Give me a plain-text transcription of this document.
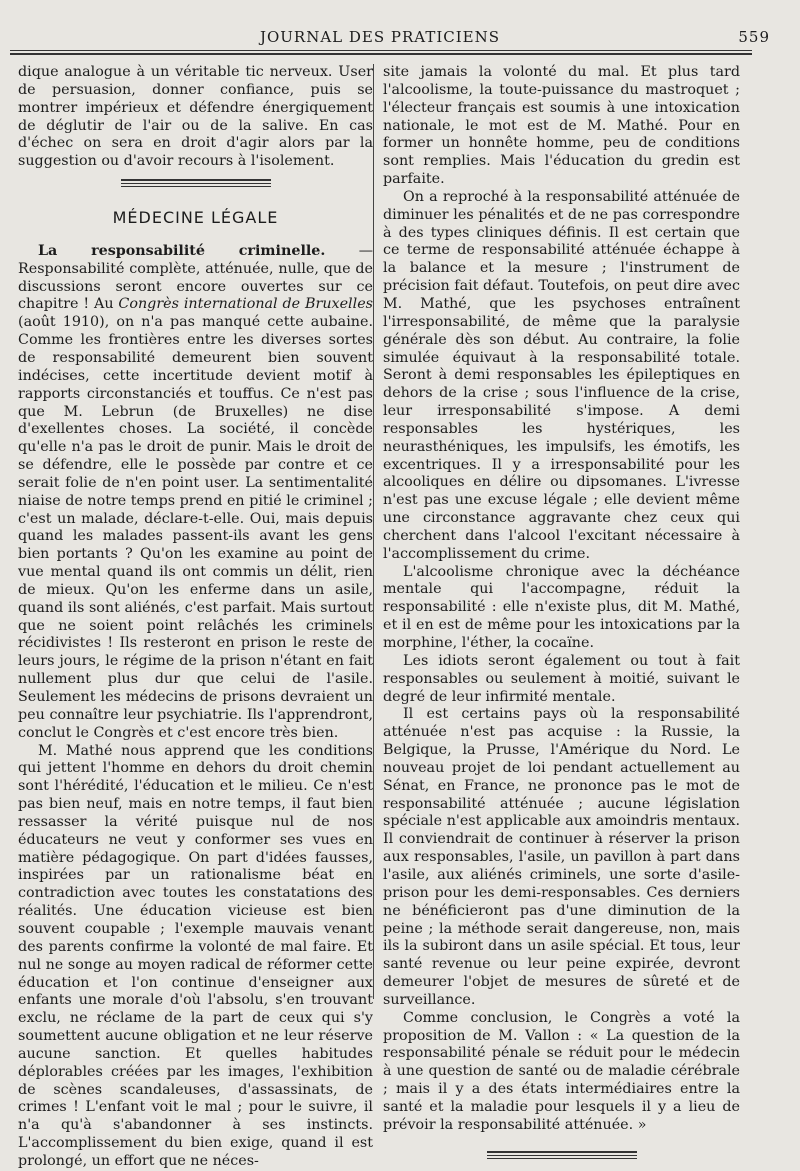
JOURNAL DES PRATICIENS	559

dique analogue à un véritable tic nerveux. User de persuasion, donner confiance, puis se montrer impérieux et défendre énergiquement de déglutir de l'air ou de la salive. En cas d'échec on sera en droit d'agir alors par la suggestion ou d'avoir recours à l'isolement.

MÉDECINE LÉGALE

La responsabilité criminelle. — Responsabilité complète, atténuée, nulle, que de discussions seront encore ouvertes sur ce chapitre ! Au Congrès international de Bruxelles (août 1910), on n'a pas manqué cette aubaine. Comme les frontières entre les diverses sortes de responsabilité demeurent bien souvent indécises, cette incertitude devient motif à rapports circonstanciés et touffus. Ce n'est pas que M. Lebrun (de Bruxelles) ne dise d'exellentes choses. La société, il concède qu'elle n'a pas le droit de punir. Mais le droit de se défendre, elle le possède par contre et ce serait folie de n'en point user. La sentimentalité niaise de notre temps prend en pitié le criminel ; c'est un malade, déclare-t-elle. Oui, mais depuis quand les malades passent-ils avant les gens bien portants ? Qu'on les examine au point de vue mental quand ils ont commis un délit, rien de mieux. Qu'on les enferme dans un asile, quand ils sont aliénés, c'est parfait. Mais surtout que ne soient point relâchés les criminels récidivistes ! Ils resteront en prison le reste de leurs jours, le régime de la prison n'étant en fait nullement plus dur que celui de l'asile. Seulement les médecins de prisons devraient un peu connaître leur psychiatrie. Ils l'apprendront, conclut le Congrès et c'est encore très bien.

M. Mathé nous apprend que les conditions qui jettent l'homme en dehors du droit chemin sont l'hérédité, l'éducation et le milieu. Ce n'est pas bien neuf, mais en notre temps, il faut bien ressasser la vérité puisque nul de nos éducateurs ne veut y conformer ses vues en matière pédagogique. On part d'idées fausses, inspirées par un rationalisme béat en contradiction avec toutes les constatations des réalités. Une éducation vicieuse est bien souvent coupable ; l'exemple mauvais venant des parents confirme la volonté de mal faire. Et nul ne songe au moyen radical de réformer cette éducation et l'on continue d'enseigner aux enfants une morale d'où l'absolu, s'en trouvant exclu, ne réclame de la part de ceux qui s'y soumettent aucune obligation et ne leur réserve aucune sanction. Et quelles habitudes déplorables créées par les images, l'exhibition de scènes scandaleuses, d'assassinats, de crimes ! L'enfant voit le mal ; pour le suivre, il n'a qu'à s'abandonner à ses instincts. L'accomplissement du bien exige, quand il est prolongé, un effort que ne néces-

site jamais la volonté du mal. Et plus tard l'alcoolisme, la toute-puissance du mastroquet ; l'électeur français est soumis à une intoxication nationale, le mot est de M. Mathé. Pour en former un honnête homme, peu de conditions sont remplies. Mais l'éducation du gredin est parfaite.

On a reproché à la responsabilité atténuée de diminuer les pénalités et de ne pas correspondre à des types cliniques définis. Il est certain que ce terme de responsabilité atténuée échappe à la balance et la mesure ; l'instrument de précision fait défaut. Toutefois, on peut dire avec M. Mathé, que les psychoses entraînent l'irresponsabilité, de même que la paralysie générale dès son début. Au contraire, la folie simulée équivaut à la responsabilité totale. Seront à demi responsables les épileptiques en dehors de la crise ; sous l'influence de la crise, leur irresponsabilité s'impose. A demi responsables les hystériques, les neurasthéniques, les impulsifs, les émotifs, les excentriques. Il y a irresponsabilité pour les alcooliques en délire ou dipsomanes. L'ivresse n'est pas une excuse légale ; elle devient même une circonstance aggravante chez ceux qui cherchent dans l'alcool l'excitant nécessaire à l'accomplissement du crime.

L'alcoolisme chronique avec la déchéance mentale qui l'accompagne, réduit la responsabilité : elle n'existe plus, dit M. Mathé, et il en est de même pour les intoxications par la morphine, l'éther, la cocaïne.

Les idiots seront également ou tout à fait responsables ou seulement à moitié, suivant le degré de leur infirmité mentale.

Il est certains pays où la responsabilité atténuée n'est pas acquise : la Russie, la Belgique, la Prusse, l'Amérique du Nord. Le nouveau projet de loi pendant actuellement au Sénat, en France, ne prononce pas le mot de responsabilité atténuée ; aucune législation spéciale n'est applicable aux amoindris mentaux. Il conviendrait de continuer à réserver la prison aux responsables, l'asile, un pavillon à part dans l'asile, aux aliénés criminels, une sorte d'asile-prison pour les demi-responsables. Ces derniers ne bénéficieront pas d'une diminution de la peine ; la méthode serait dangereuse, non, mais ils la subiront dans un asile spécial. Et tous, leur santé revenue ou leur peine expirée, devront demeurer l'objet de mesures de sûreté et de surveillance.

Comme conclusion, le Congrès a voté la proposition de M. Vallon : « La question de la responsabilité pénale se réduit pour le médecin à une question de santé ou de maladie cérébrale ; mais il y a des états intermédiaires entre la santé et la maladie pour lesquels il y a lieu de prévoir la responsabilité atténuée. »
